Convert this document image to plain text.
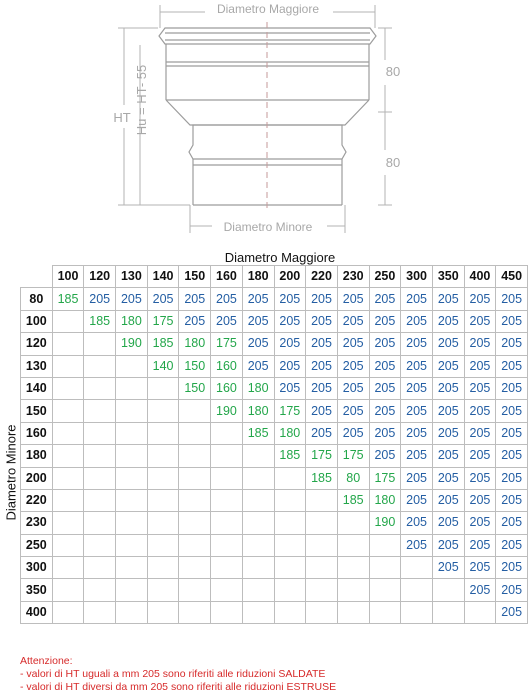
Diametro Maggiore
Diametro Minore
HT Hu = HT- 55	80
80
Diametro Maggiore
Diametro Minore
	100	120	130	140	150	160	180	200	220	230	250	300	350	400	450
80	185	205	205	205	205	205	205	205	205	205	205	205	205	205	205
100		185	180	175	205	205	205	205	205	205	205	205	205	205	205
120			190	185	180	175	205	205	205	205	205	205	205	205	205
130				140	150	160	205	205	205	205	205	205	205	205	205
140					150	160	180	205	205	205	205	205	205	205	205
150						190	180	175	205	205	205	205	205	205	205
160							185	180	205	205	205	205	205	205	205
180								185	175	175	205	205	205	205	205
200									185	80	175	205	205	205	205
220										185	180	205	205	205	205
230											190	205	205	205	205
250												205	205	205	205
300													205	205	205
350														205	205
400															205
Attenzione:
- valori di HT uguali a mm 205 sono riferiti alle riduzioni SALDATE
- valori di HT diversi da mm 205 sono riferiti alle riduzioni ESTRUSE
